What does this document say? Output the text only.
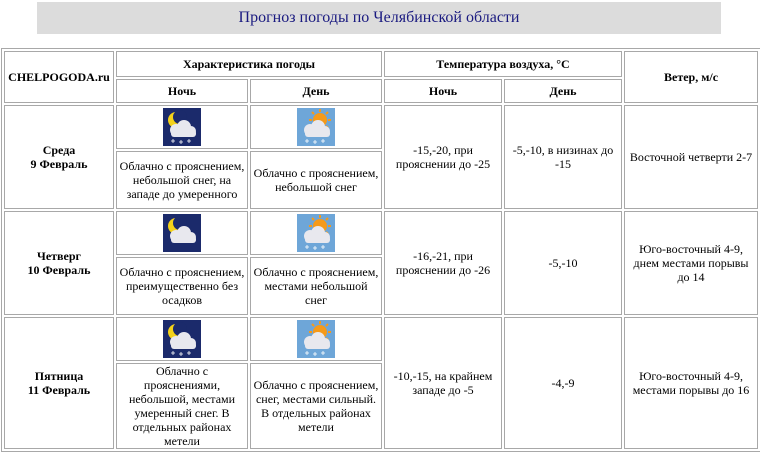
Прогноз погоды по Челябинской области
CHELPOGODA.ru	Характеристика погоды		Температура воздуха, °С		Ветер, м/с
	Ночь	День	Ночь	День	

Среда
9 Февраль			-15,-20, при прояснении до -25	-5,-10, в низинах до -15	Восточной четверти 2-7
	Облачно с прояснением, небольшой снег, на западе до умеренного	Облачно с прояснением, небольшой снег			

Четверг
10 Февраль			-16,-21, при прояснении до -26	-5,-10	Юго-восточный 4-9, днем местами порывы до 14
	Облачно с прояснением, преимущественно без осадков	Облачно с прояснением, местами небольшой снег			

Пятница
11 Февраль			-10,-15, на крайнем западе до -5	-4,-9	Юго-восточный 4-9, местами порывы до 16
	Облачно с прояснениями, небольшой, местами умеренный снег. В отдельных районах метели	Облачно с прояснением, снег, местами сильный. В отдельных районах метели			
